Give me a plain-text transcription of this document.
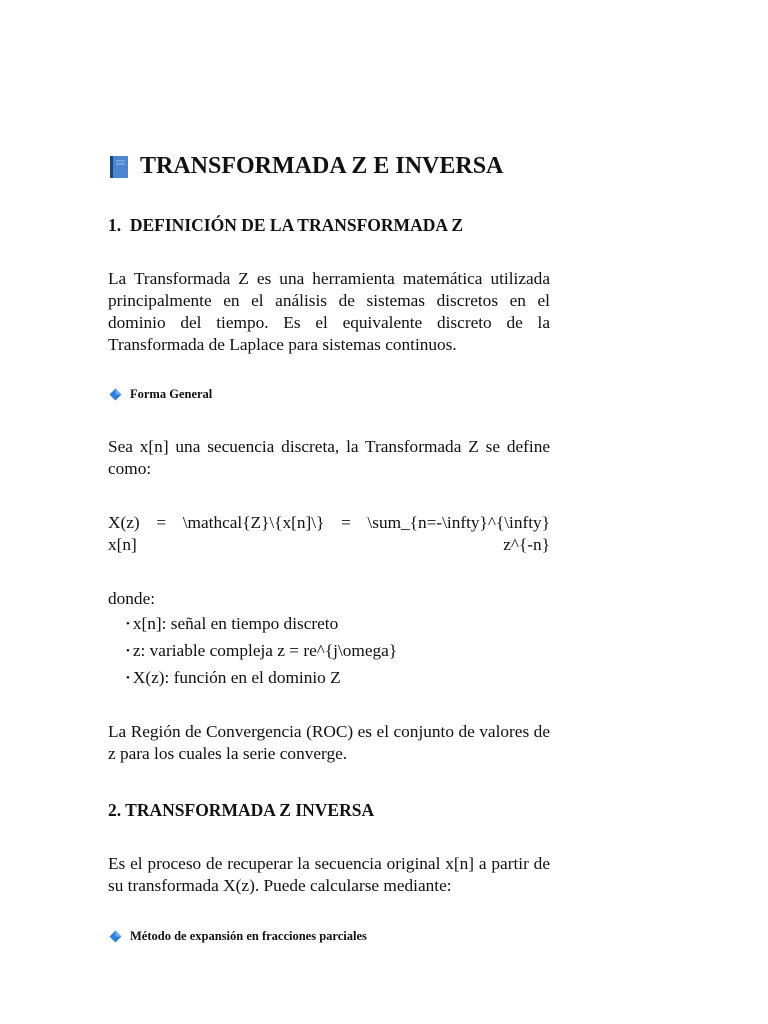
TRANSFORMADA Z E INVERSA
1.  DEFINICIÓN DE LA TRANSFORMADA Z

La Transformada Z es una herramienta matemática utilizada principalmente en el análisis de sistemas discretos en el dominio del tiempo. Es el equivalente discreto de la Transformada de Laplace para sistemas continuos.

Forma General

Sea x[n] una secuencia discreta, la Transformada Z se define como:

X(z) = \mathcal{Z}\{x[n]\} = \sum_{n=-\infty}^{\infty} x[n] z^{-n}

donde:

• x[n]: señal en tiempo discreto
• z: variable compleja z = re^{j\omega}
• X(z): función en el dominio Z

La Región de Convergencia (ROC) es el conjunto de valores de z para los cuales la serie converge.

2. TRANSFORMADA Z INVERSA

Es el proceso de recuperar la secuencia original x[n] a partir de su transformada X(z). Puede calcularse mediante:

Método de expansión en fracciones parciales
